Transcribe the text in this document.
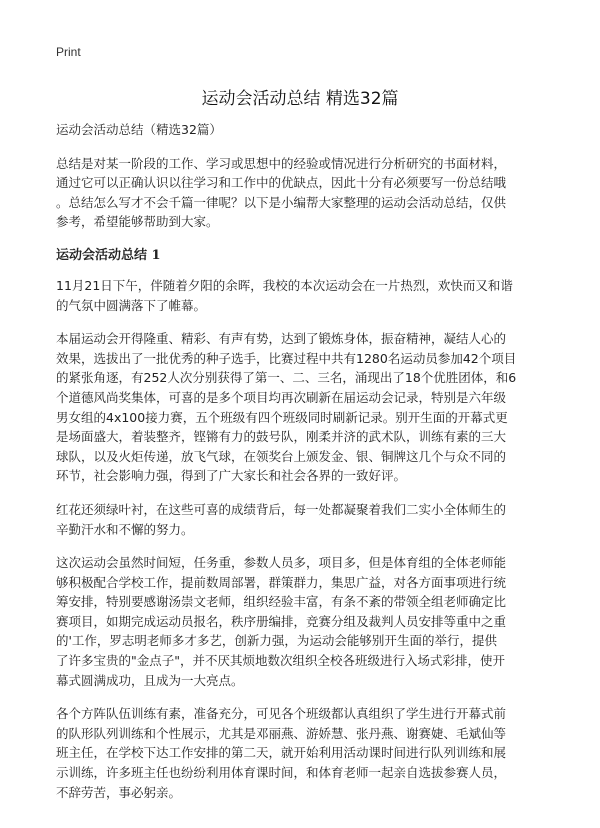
Print
运动会活动总结 精选32篇
运动会活动总结（精选32篇）
总结是对某一阶段的工作、学习或思想中的经验或情况进行分析研究的书面材料，
通过它可以正确认识以往学习和工作中的优缺点，因此十分有必须要写一份总结哦
。总结怎么写才不会千篇一律呢？以下是小编帮大家整理的运动会活动总结，仅供
参考，希望能够帮助到大家。
运动会活动总结 1
11月21日下午，伴随着夕阳的余晖，我校的本次运动会在一片热烈，欢快而又和谐
的气氛中圆满落下了帷幕。
本届运动会开得隆重、精彩、有声有势，达到了锻炼身体，振奋精神，凝结人心的
效果，选拔出了一批优秀的种子选手，比赛过程中共有1280名运动员参加42个项目
的紧张角逐，有252人次分别获得了第一、二、三名，涌现出了18个优胜团体，和6
个道德风尚奖集体，可喜的是多个项目均再次刷新在届运动会记录，特别是六年级
男女组的4x100接力赛，五个班级有四个班级同时刷新记录。别开生面的开幕式更
是场面盛大，着装整齐，铿锵有力的鼓号队，刚柔并济的武术队，训练有素的三大
球队，以及火炬传递，放飞气球，在领奖台上颁发金、银、铜牌这几个与众不同的
环节，社会影响力强，得到了广大家长和社会各界的一致好评。
红花还须绿叶衬，在这些可喜的成绩背后，每一处都凝聚着我们二实小全体师生的
辛勤汗水和不懈的努力。
这次运动会虽然时间短，任务重，参数人员多，项目多，但是体育组的全体老师能
够积极配合学校工作，提前数周部署，群策群力，集思广益，对各方面事项进行统
筹安排，特别要感谢汤崇文老师，组织经验丰富，有条不紊的带领全组老师确定比
赛项目，如期完成运动员报名，秩序册编排，竞赛分组及裁判人员安排等重中之重
的'工作，罗志明老师多才多艺，创新力强，为运动会能够别开生面的举行，提供
了许多宝贵的"金点子"，并不厌其烦地数次组织全校各班级进行入场式彩排，使开
幕式圆满成功，且成为一大亮点。
各个方阵队伍训练有素，准备充分，可见各个班级都认真组织了学生进行开幕式前
的队形队列训练和个性展示，尤其是邓丽燕、游娇慧、张丹燕、谢赛婕、毛斌仙等
班主任，在学校下达工作安排的第二天，就开始利用活动课时间进行队列训练和展
示训练，许多班主任也纷纷利用体育课时间，和体育老师一起亲自选拔参赛人员，
不辞劳苦，事必躬亲。
